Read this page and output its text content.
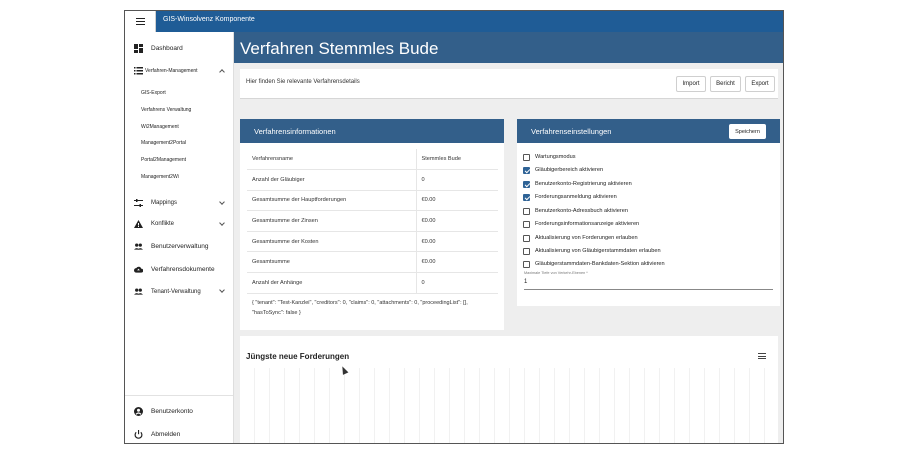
GIS-Winsolvenz Komponente
Dashboard
Verfahren-Management
GIS-Export
Verfahrens Verwaltung
Wi2Management
Management2Portal
Portal2Management
Management2Wi
Mappings
Konflikte
Benutzerverwaltung
Verfahrensdokumente
Tenant-Verwaltung
Benutzerkonto
Abmelden
Verfahren Stemmles Bude
Hier finden Sie relevante Verfahrensdetails	Import	Bericht	Export
Verfahrensinformationen
Verfahrensname	Stemmles Bude
Anzahl der Gläubiger	0
Gesamtsumme der Hauptforderungen	€0.00
Gesamtsumme der Zinsen	€0.00
Gesamtsumme der Kosten	€0.00
Gesamtsumme	€0.00
Anzahl der Anhänge	0
{ "tenant": "Test-Kanzlei", "creditors": 0, "claims": 0, "attachments": 0, "proceedingList": [], "hasToSync": false }
Verfahrenseinstellungen	Speichern
Wartungsmodus
Gläubigerbereich aktivieren
Benutzerkonto-Registrierung aktivieren
Forderungsanmeldung aktivieren
Benutzerkonto-Adressbuch aktivieren
Forderungsinformationsanzeige aktivieren
Aktualisierung von Forderungen erlauben
Aktualisierung von Gläubigerstammdaten erlauben
Gläubigerstammdaten-Bankdaten-Sektion aktivieren
Maximale Tiefe von Verkehr-Ebenen *
1
Jüngste neue Forderungen
